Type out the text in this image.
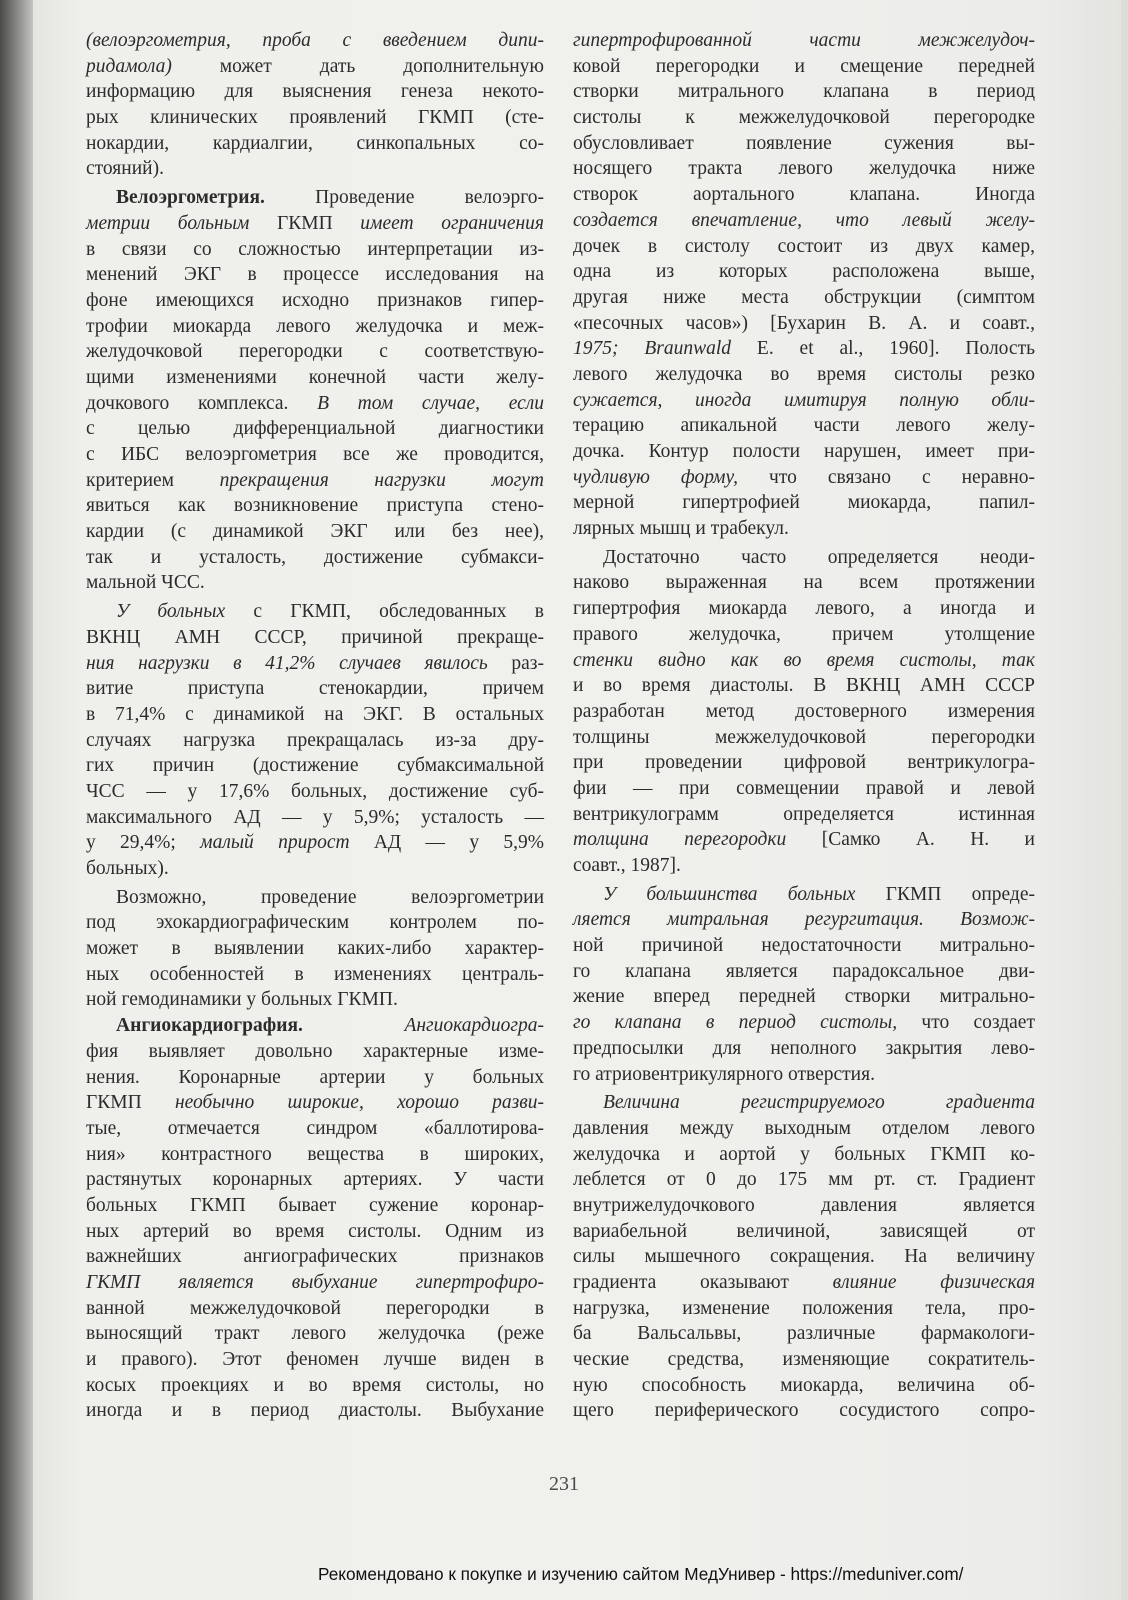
(велоэргометрия, проба с введением дипи-
ридамола) может дать дополнительную
информацию для выяснения генеза некото-
рых клинических проявлений ГКМП (сте-
нокардии, кардиалгии, синкопальных со-
стояний).
Велоэргометрия. Проведение велоэрго-
метрии больным ГКМП имеет ограничения
в связи со сложностью интерпретации из-
менений ЭКГ в процессе исследования на
фоне имеющихся исходно признаков гипер-
трофии миокарда левого желудочка и меж-
желудочковой перегородки с соответствую-
щими изменениями конечной части желу-
дочкового комплекса. В том случае, если
с целью дифференциальной диагностики
с ИБС велоэргометрия все же проводится,
критерием прекращения нагрузки могут
явиться как возникновение приступа стено-
кардии (с динамикой ЭКГ или без нее),
так и усталость, достижение субмакси-
мальной ЧСС.
У больных с ГКМП, обследованных в
ВКНЦ АМН СССР, причиной прекраще-
ния нагрузки в 41,2% случаев явилось раз-
витие приступа стенокардии, причем
в 71,4% с динамикой на ЭКГ. В остальных
случаях нагрузка прекращалась из-за дру-
гих причин (достижение субмаксимальной
ЧСС — у 17,6% больных, достижение суб-
максимального АД — у 5,9%; усталость —
у 29,4%; малый прирост АД — у 5,9%
больных).
Возможно, проведение велоэргометрии
под эхокардиографическим контролем по-
может в выявлении каких-либо характер-
ных особенностей в изменениях централь-
ной гемодинамики у больных ГКМП.
Ангиокардиография. Ангиокардиогра-
фия выявляет довольно характерные изме-
нения. Коронарные артерии у больных
ГКМП необычно широкие, хорошо разви-
тые, отмечается синдром «баллотирова-
ния» контрастного вещества в широких,
растянутых коронарных артериях. У части
больных ГКМП бывает сужение коронар-
ных артерий во время систолы. Одним из
важнейших ангиографических признаков
ГКМП является выбухание гипертрофиро-
ванной межжелудочковой перегородки в
выносящий тракт левого желудочка (реже
и правого). Этот феномен лучше виден в
косых проекциях и во время систолы, но
иногда и в период диастолы. Выбухание
гипертрофированной части межжелудоч-
ковой перегородки и смещение передней
створки митрального клапана в период
систолы к межжелудочковой перегородке
обусловливает появление сужения вы-
носящего тракта левого желудочка ниже
створок аортального клапана. Иногда
создается впечатление, что левый желу-
дочек в систолу состоит из двух камер,
одна из которых расположена выше,
другая ниже места обструкции (симптом
«песочных часов») [Бухарин В. А. и соавт.,
1975; Braunwald E. et al., 1960]. Полость
левого желудочка во время систолы резко
сужается, иногда имитируя полную обли-
терацию апикальной части левого желу-
дочка. Контур полости нарушен, имеет при-
чудливую форму, что связано с неравно-
мерной гипертрофией миокарда, папил-
лярных мышц и трабекул.
Достаточно часто определяется неоди-
наково выраженная на всем протяжении
гипертрофия миокарда левого, а иногда и
правого желудочка, причем утолщение
стенки видно как во время систолы, так
и во время диастолы. В ВКНЦ АМН СССР
разработан метод достоверного измерения
толщины межжелудочковой перегородки
при проведении цифровой вентрикулогра-
фии — при совмещении правой и левой
вентрикулограмм определяется истинная
толщина перегородки [Самко А. Н. и
соавт., 1987].
У большинства больных ГКМП опреде-
ляется митральная регургитация. Возмож-
ной причиной недостаточности митрально-
го клапана является парадоксальное дви-
жение вперед передней створки митрально-
го клапана в период систолы, что создает
предпосылки для неполного закрытия лево-
го атриовентрикулярного отверстия.
Величина регистрируемого градиента
давления между выходным отделом левого
желудочка и аортой у больных ГКМП ко-
леблется от 0 до 175 мм рт. ст. Градиент
внутрижелудочкового давления является
вариабельной величиной, зависящей от
силы мышечного сокращения. На величину
градиента оказывают влияние физическая
нагрузка, изменение положения тела, про-
ба Вальсальвы, различные фармакологи-
ческие средства, изменяющие сократитель-
ную способность миокарда, величина об-
щего периферического сосудистого сопро-
231
Рекомендовано к покупке и изучению сайтом МедУнивер - https://meduniver.com/
